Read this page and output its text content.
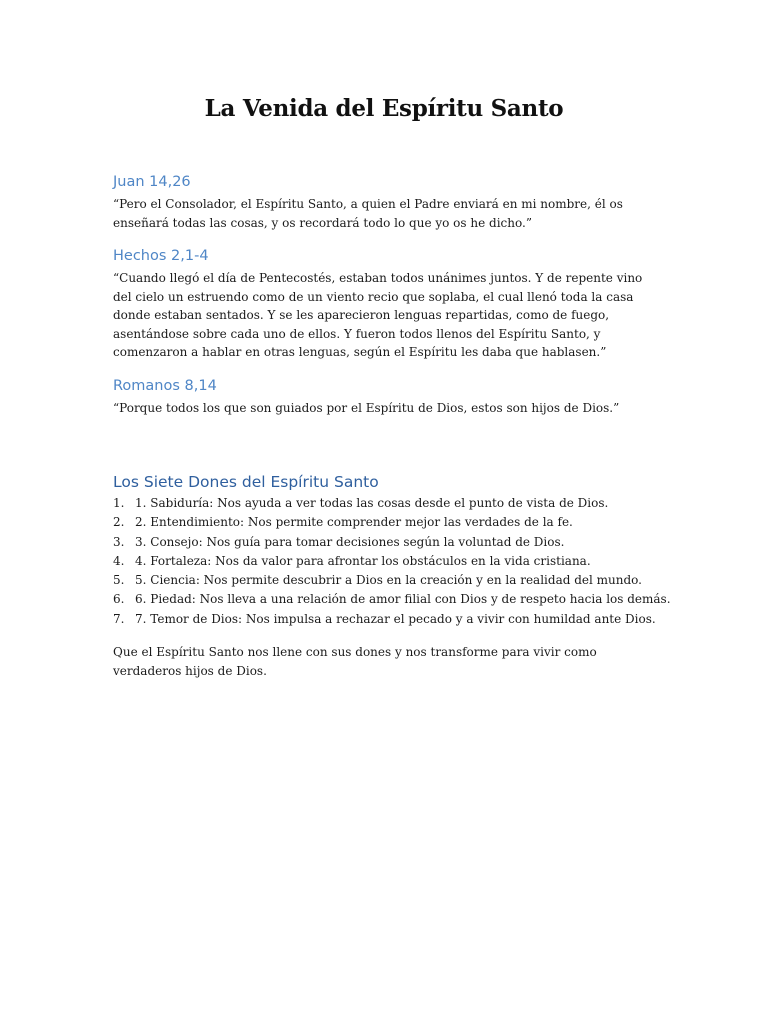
La Venida del Espíritu Santo
Juan 14,26

“Pero el Consolador, el Espíritu Santo, a quien el Padre enviará en mi nombre, él os enseñará todas las cosas, y os recordará todo lo que yo os he dicho.”

Hechos 2,1-4

“Cuando llegó el día de Pentecostés, estaban todos unánimes juntos. Y de repente vino del cielo un estruendo como de un viento recio que soplaba, el cual llenó toda la casa donde estaban sentados. Y se les aparecieron lenguas repartidas, como de fuego, asentándose sobre cada uno de ellos. Y fueron todos llenos del Espíritu Santo, y comenzaron a hablar en otras lenguas, según el Espíritu les daba que hablasen.”

Romanos 8,14

“Porque todos los que son guiados por el Espíritu de Dios, estos son hijos de Dios.”

Los Siete Dones del Espíritu Santo
1. 1. Sabiduría: Nos ayuda a ver todas las cosas desde el punto de vista de Dios.
2. 2. Entendimiento: Nos permite comprender mejor las verdades de la fe.
3. 3. Consejo: Nos guía para tomar decisiones según la voluntad de Dios.
4. 4. Fortaleza: Nos da valor para afrontar los obstáculos en la vida cristiana.
5. 5. Ciencia: Nos permite descubrir a Dios en la creación y en la realidad del mundo.
6. 6. Piedad: Nos lleva a una relación de amor filial con Dios y de respeto hacia los demás.
7. 7. Temor de Dios: Nos impulsa a rechazar el pecado y a vivir con humildad ante Dios.

Que el Espíritu Santo nos llene con sus dones y nos transforme para vivir como verdaderos hijos de Dios.
